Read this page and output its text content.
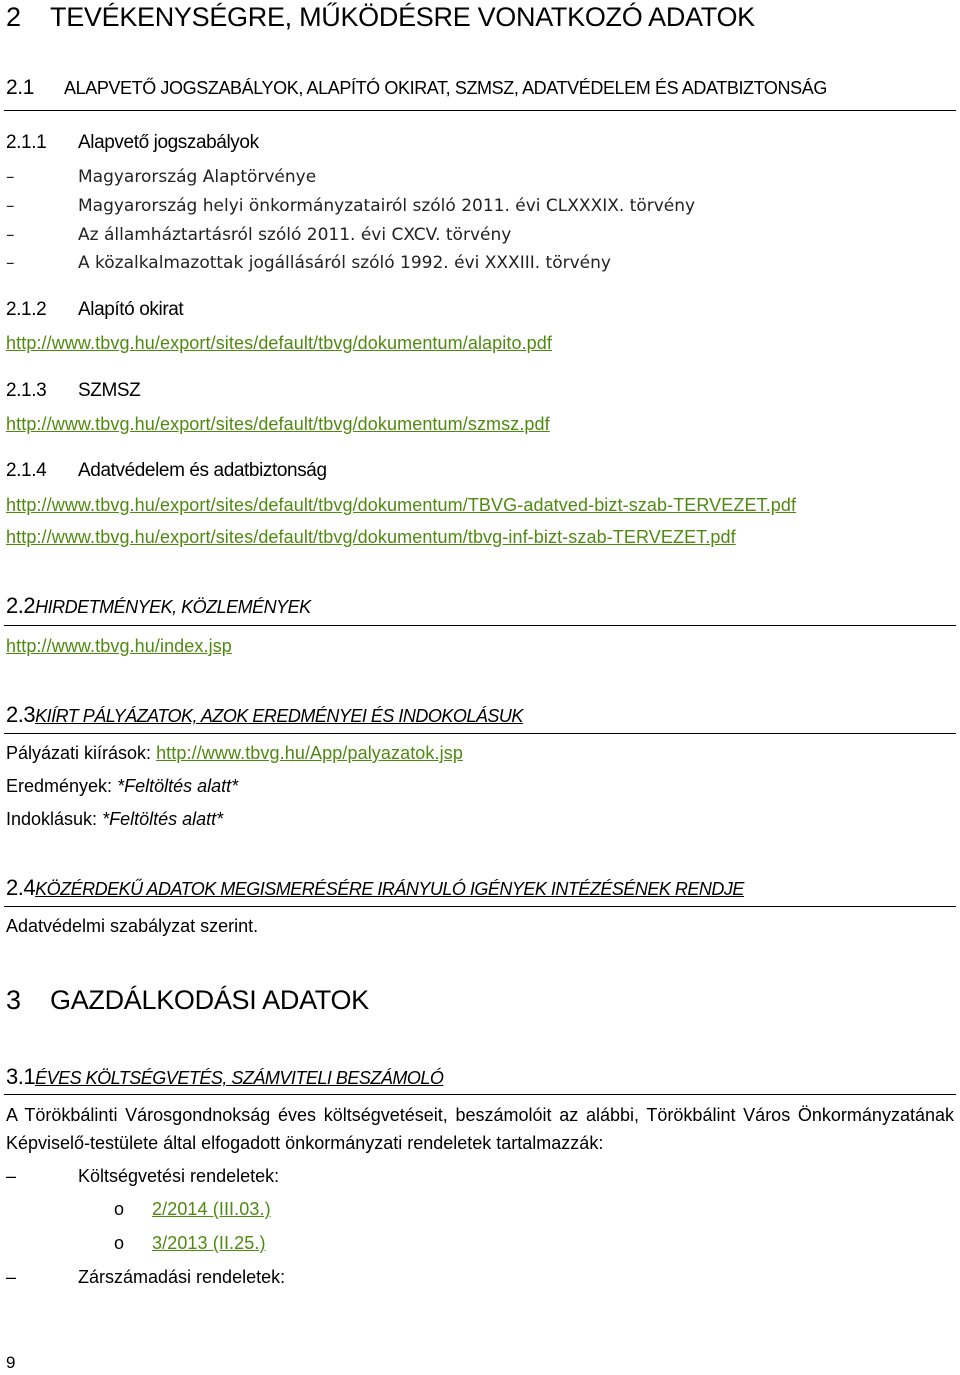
2 TEVÉKENYSÉGRE, MŰKÖDÉSRE VONATKOZÓ ADATOK
2.1 ALAPVETŐ JOGSZABÁLYOK, ALAPÍTÓ OKIRAT, SZMSZ, ADATVÉDELEM ÉS ADATBIZTONSÁG
2.1.1 Alapvető jogszabályok
–	Magyarország Alaptörvénye
–	Magyarország helyi önkormányzatairól szóló 2011. évi CLXXXIX. törvény
–	Az államháztartásról szóló 2011. évi CXCV. törvény
–	A közalkalmazottak jogállásáról szóló 1992. évi XXXIII. törvény
2.1.2 Alapító okirat
http://www.tbvg.hu/export/sites/default/tbvg/dokumentum/alapito.pdf
2.1.3 SZMSZ
http://www.tbvg.hu/export/sites/default/tbvg/dokumentum/szmsz.pdf
2.1.4 Adatvédelem és adatbiztonság
http://www.tbvg.hu/export/sites/default/tbvg/dokumentum/TBVG-adatved-bizt-szab-TERVEZET.pdf
http://www.tbvg.hu/export/sites/default/tbvg/dokumentum/tbvg-inf-bizt-szab-TERVEZET.pdf
2.2HIRDETMÉNYEK, KÖZLEMÉNYEK
http://www.tbvg.hu/index.jsp
2.3KIÍRT PÁLYÁZATOK, AZOK EREDMÉNYEI ÉS INDOKOLÁSUK
Pályázati kiírások: http://www.tbvg.hu/App/palyazatok.jsp
Eredmények: *Feltöltés alatt*
Indoklásuk: *Feltöltés alatt*
2.4KÖZÉRDEKŰ ADATOK MEGISMERÉSÉRE IRÁNYULÓ IGÉNYEK INTÉZÉSÉNEK RENDJE
Adatvédelmi szabályzat szerint.
3 GAZDÁLKODÁSI ADATOK
3.1ÉVES KÖLTSÉGVETÉS, SZÁMVITELI BESZÁMOLÓ
A Törökbálinti Városgondnokság éves költségvetéseit, beszámolóit az alábbi, Törökbálint Város Önkormányzatának Képviselő-testülete által elfogadott önkormányzati rendeletek tartalmazzák:
–	Költségvetési rendeletek:
o 2/2014 (III.03.)
o 3/2013 (II.25.)
–	Zárszámadási rendeletek:
9
